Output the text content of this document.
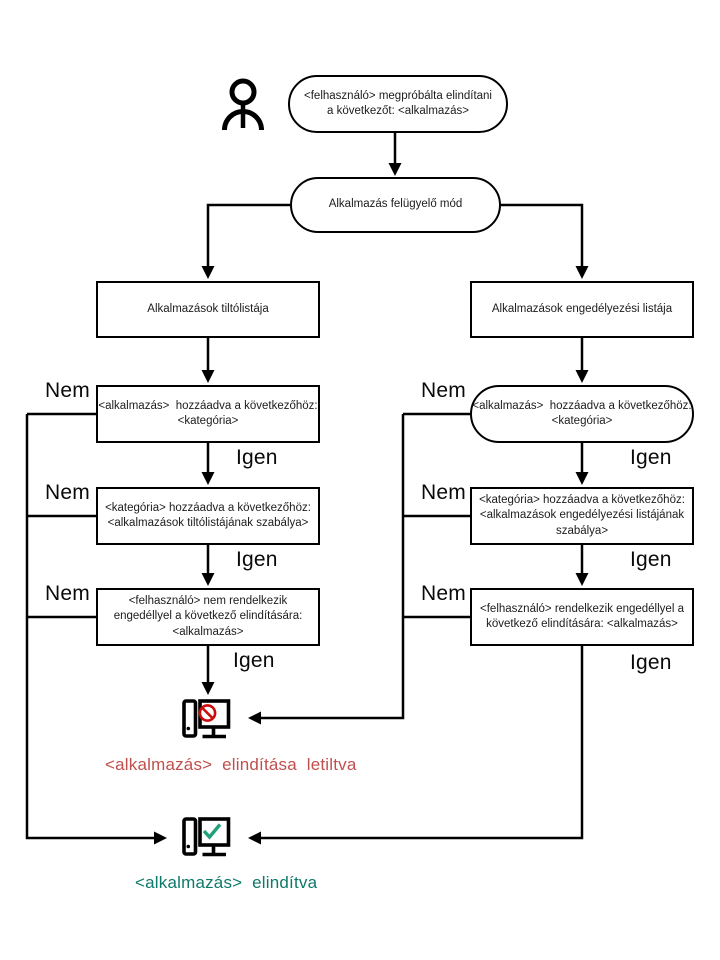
<felhasználó> megpróbálta elindítani
a következőt: <alkalmazás>
Alkalmazás felügyelő mód
Alkalmazások tiltólistája	Alkalmazások engedélyezési listája
<alkalmazás>  hozzáadva a következőhöz:
<kategória>
<alkalmazás>  hozzáadva a következőhöz:
<kategória>
<kategória> hozzáadva a következőhöz:
<alkalmazások tiltólistájának szabálya>
<kategória> hozzáadva a következőhöz:
<alkalmazások engedélyezési listájának
szabálya>
<felhasználó> nem rendelkezik
engedéllyel a következő elindítására:
<alkalmazás>
<felhasználó> rendelkezik engedéllyel a
következő elindítására: <alkalmazás>
Nem
Nem
Nem
Nem
Nem
Nem
Igen
Igen
Igen
Igen
Igen
Igen
<alkalmazás>  elindítása  letiltva
<alkalmazás>  elindítva
